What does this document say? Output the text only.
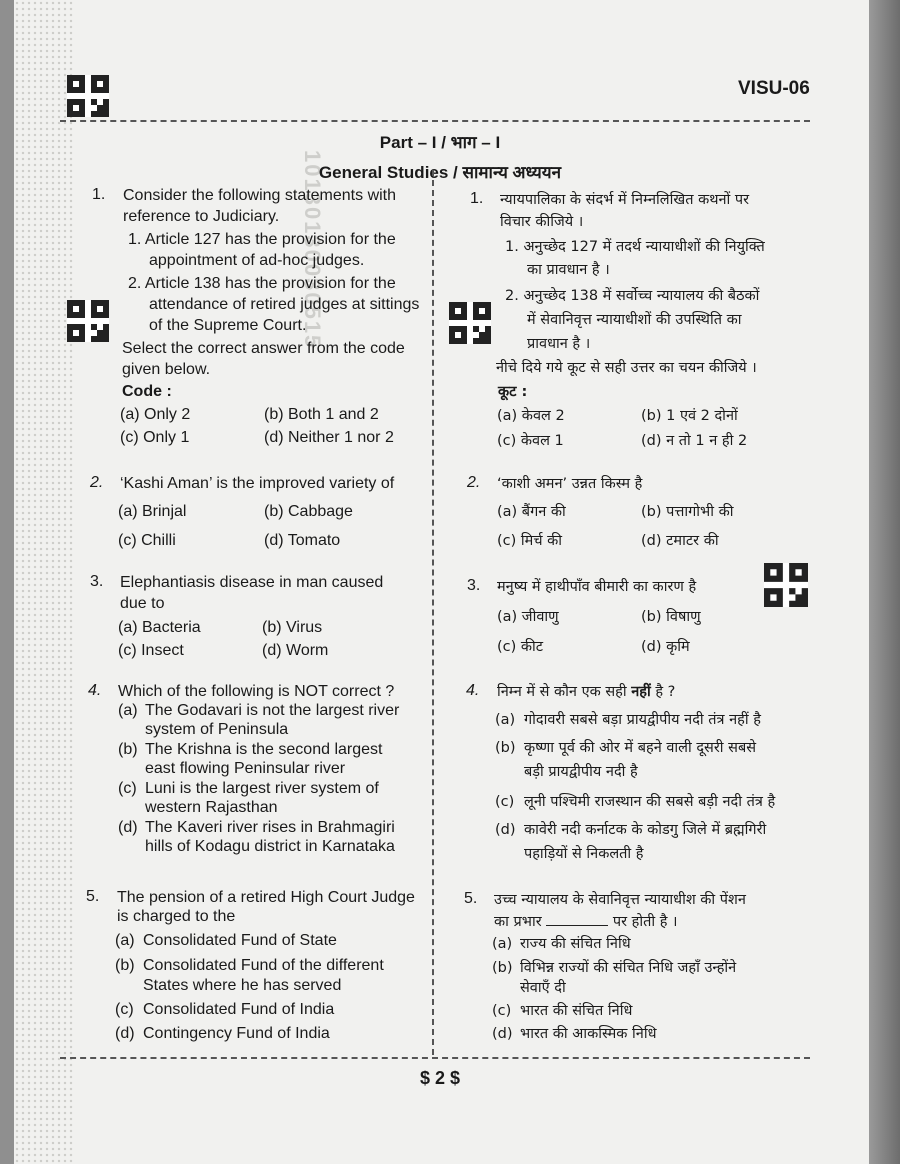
10130130030515
VISU-06
Part – I / भाग – I
General Studies / सामान्य अध्ययन
1. Consider the following statements with
reference to Judiciary.
1. Article 127 has the provision for the
appointment of ad-hoc judges.
2. Article 138 has the provision for the
attendance of retired judges at sittings
of the Supreme Court.
Select the correct answer from the code
given below.
Code :
(a) Only 2	(b) Both 1 and 2
(c) Only 1	(d) Neither 1 nor 2
2. ‘Kashi Aman’ is the improved variety of
(a) Brinjal	(b) Cabbage
(c) Chilli	(d) Tomato
3. Elephantiasis disease in man caused
due to
(a) Bacteria	(b) Virus
(c) Insect	(d) Worm
4. Which of the following is NOT correct ?
(a) The Godavari is not the largest river
system of Peninsula
(b) The Krishna is the second largest
east flowing Peninsular river
(c) Luni is the largest river system of
western Rajasthan
(d) The Kaveri river rises in Brahmagiri
hills of Kodagu district in Karnataka
5. The pension of a retired High Court Judge
is charged to the
(a) Consolidated Fund of State
(b) Consolidated Fund of the different
States where he has served
(c) Consolidated Fund of India
(d) Contingency Fund of India
1. न्यायपालिका के संदर्भ में निम्नलिखित कथनों पर
विचार कीजिये ।
1. अनुच्छेद 127 में तदर्थ न्यायाधीशों की नियुक्ति
का प्रावधान है ।
2. अनुच्छेद 138 में सर्वोच्च न्यायालय की बैठकों
में सेवानिवृत्त न्यायाधीशों की उपस्थिति का
प्रावधान है ।
नीचे दिये गये कूट से सही उत्तर का चयन कीजिये ।
कूट :
(a) केवल 2	(b) 1 एवं 2 दोनों
(c) केवल 1	(d) न तो 1 न ही 2
2. ‘काशी अमन’ उन्नत किस्म है
(a) बैंगन की	(b) पत्तागोभी की
(c) मिर्च की	(d) टमाटर की
3. मनुष्य में हाथीपाँव बीमारी का कारण है
(a) जीवाणु	(b) विषाणु
(c) कीट	(d) कृमि
4. निम्न में से कौन एक सही नहीं है ?
(a) गोदावरी सबसे बड़ा प्रायद्वीपीय नदी तंत्र नहीं है
(b) कृष्णा पूर्व की ओर में बहने वाली दूसरी सबसे
बड़ी प्रायद्वीपीय नदी है
(c) लूनी पश्चिमी राजस्थान की सबसे बड़ी नदी तंत्र है
(d) कावेरी नदी कर्नाटक के कोडगु जिले में ब्रह्मगिरी
पहाड़ियों से निकलती है
5. उच्च न्यायालय के सेवानिवृत्त न्यायाधीश की पेंशन
का प्रभार	पर होती है ।
(a) राज्य की संचित निधि
(b) विभिन्न राज्यों की संचित निधि जहाँ उन्होंने
सेवाएँ दी
(c) भारत की संचित निधि
(d) भारत की आकस्मिक निधि
$ 2 $
